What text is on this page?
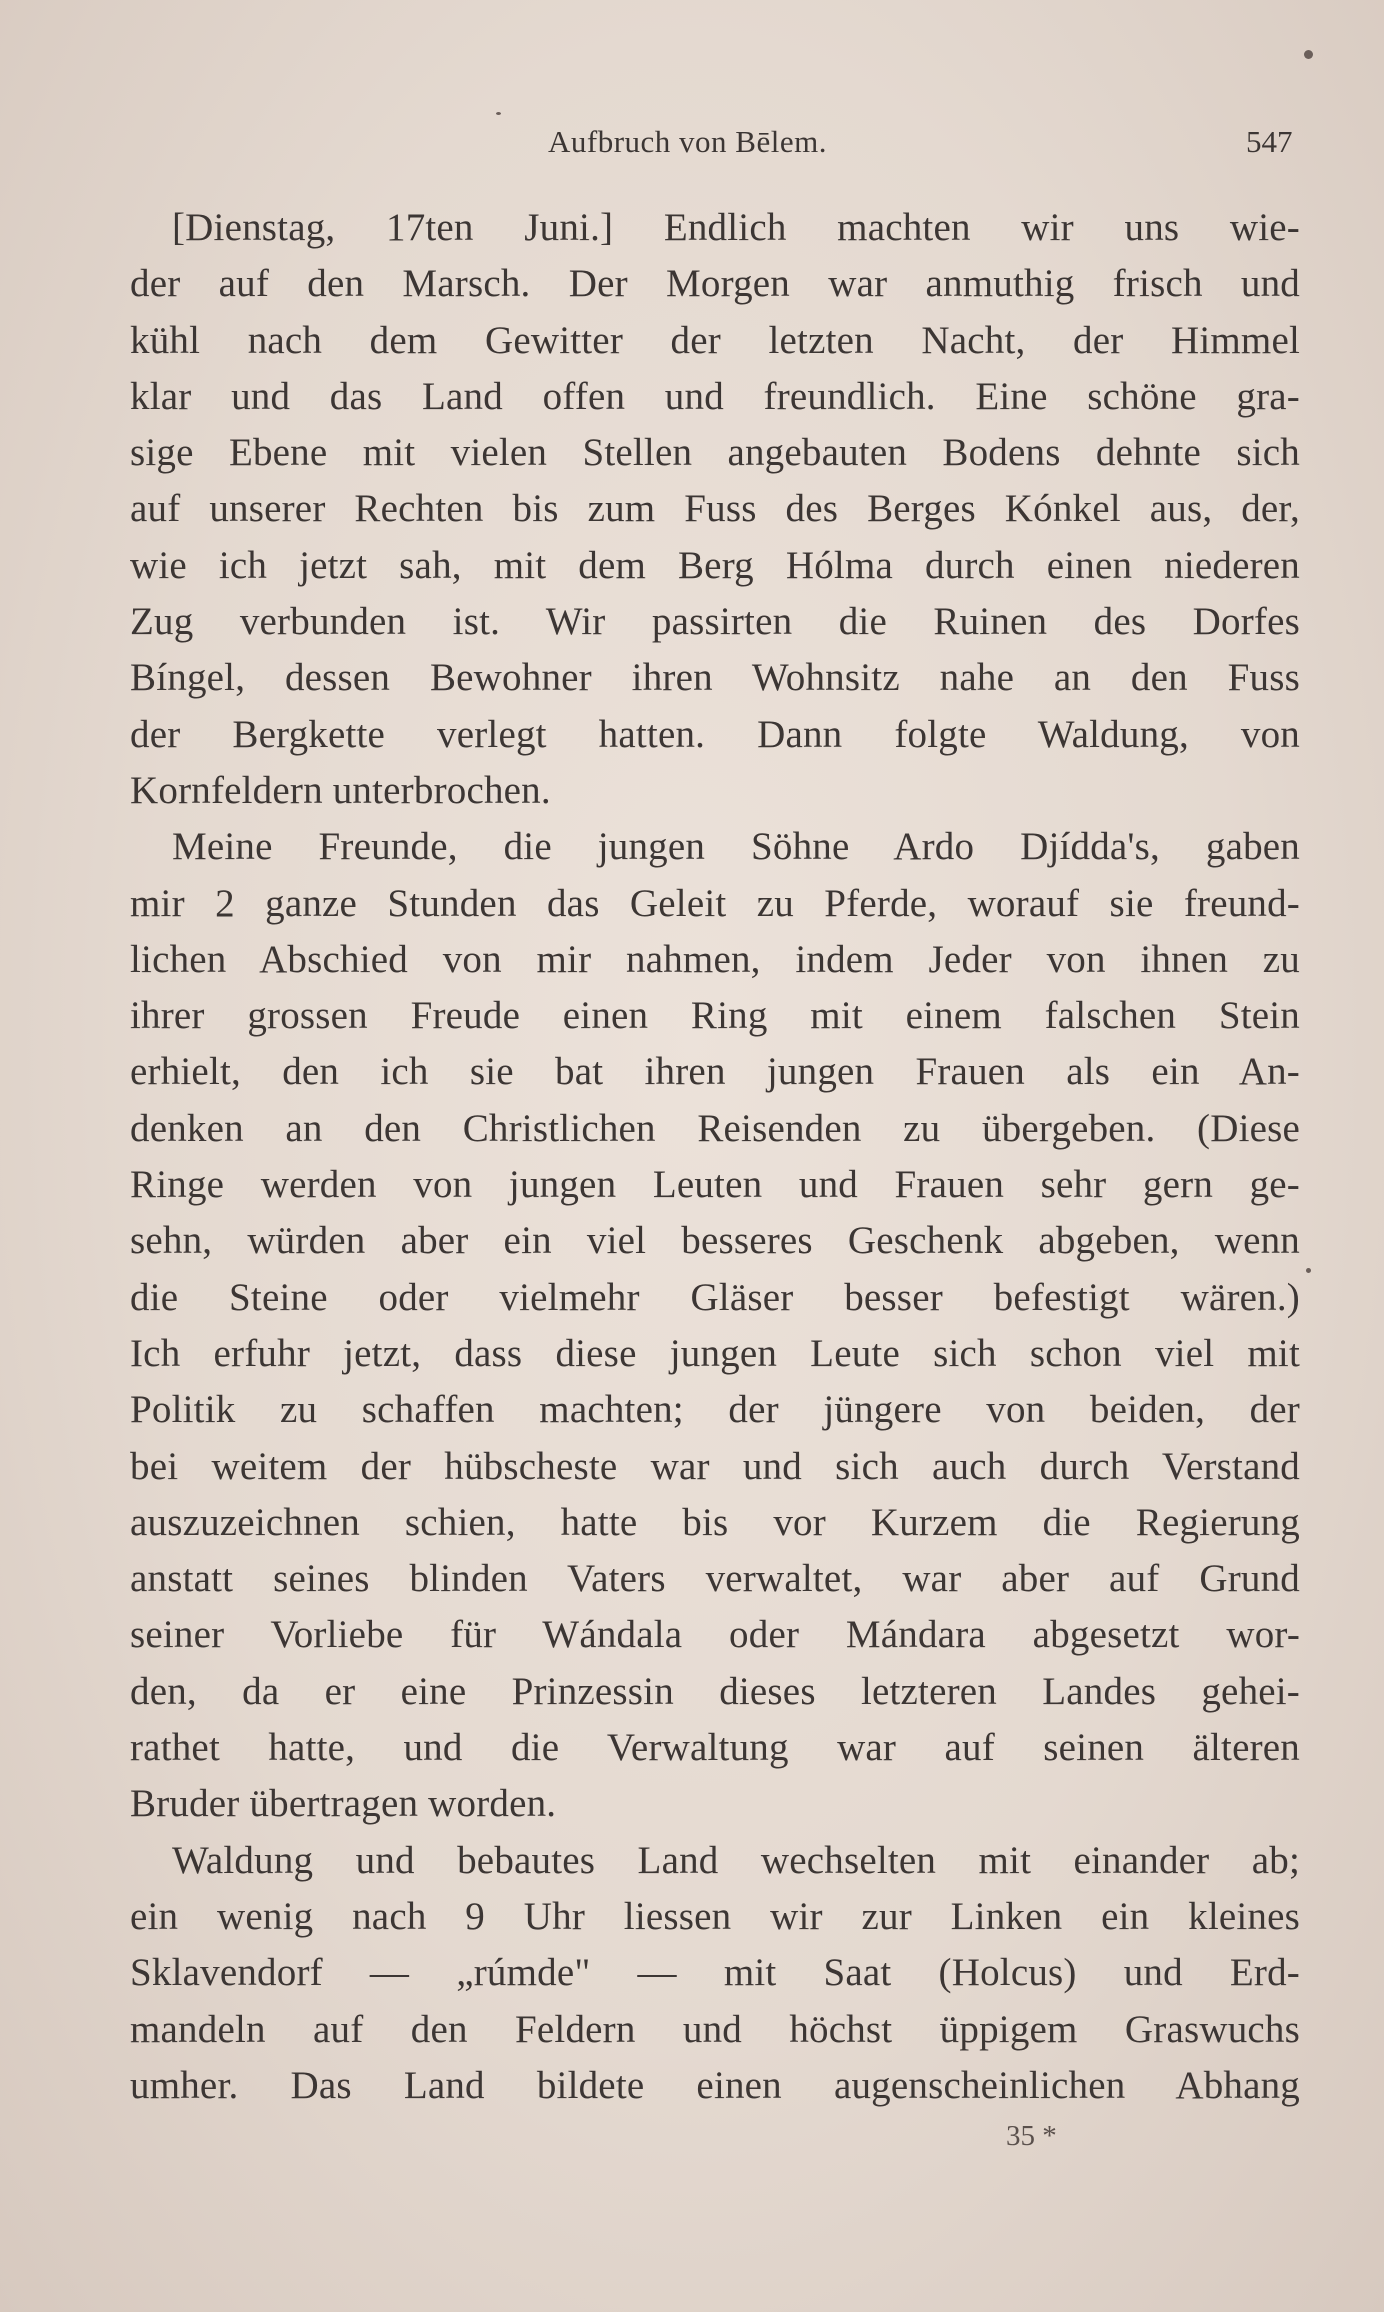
Aufbruch von Bēlem.	547
[Dienstag, 17ten Juni.] Endlich machten wir uns wie-
der auf den Marsch. Der Morgen war anmuthig frisch und
kühl nach dem Gewitter der letzten Nacht, der Himmel
klar und das Land offen und freundlich. Eine schöne gra-
sige Ebene mit vielen Stellen angebauten Bodens dehnte sich
auf unserer Rechten bis zum Fuss des Berges Kónkel aus, der,
wie ich jetzt sah, mit dem Berg Hólma durch einen niederen
Zug verbunden ist. Wir passirten die Ruinen des Dorfes
Bíngel, dessen Bewohner ihren Wohnsitz nahe an den Fuss
der Bergkette verlegt hatten. Dann folgte Waldung, von
Kornfeldern unterbrochen.
Meine Freunde, die jungen Söhne Ardo Djídda's, gaben
mir 2 ganze Stunden das Geleit zu Pferde, worauf sie freund-
lichen Abschied von mir nahmen, indem Jeder von ihnen zu
ihrer grossen Freude einen Ring mit einem falschen Stein
erhielt, den ich sie bat ihren jungen Frauen als ein An-
denken an den Christlichen Reisenden zu übergeben. (Diese
Ringe werden von jungen Leuten und Frauen sehr gern ge-
sehn, würden aber ein viel besseres Geschenk abgeben, wenn
die Steine oder vielmehr Gläser besser befestigt wären.)
Ich erfuhr jetzt, dass diese jungen Leute sich schon viel mit
Politik zu schaffen machten; der jüngere von beiden, der
bei weitem der hübscheste war und sich auch durch Verstand
auszuzeichnen schien, hatte bis vor Kurzem die Regierung
anstatt seines blinden Vaters verwaltet, war aber auf Grund
seiner Vorliebe für Wándala oder Mándara abgesetzt wor-
den, da er eine Prinzessin dieses letzteren Landes gehei-
rathet hatte, und die Verwaltung war auf seinen älteren
Bruder übertragen worden.
Waldung und bebautes Land wechselten mit einander ab;
ein wenig nach 9 Uhr liessen wir zur Linken ein kleines
Sklavendorf — „rúmde" — mit Saat (Holcus) und Erd-
mandeln auf den Feldern und höchst üppigem Graswuchs
umher. Das Land bildete einen augenscheinlichen Abhang
35 *
